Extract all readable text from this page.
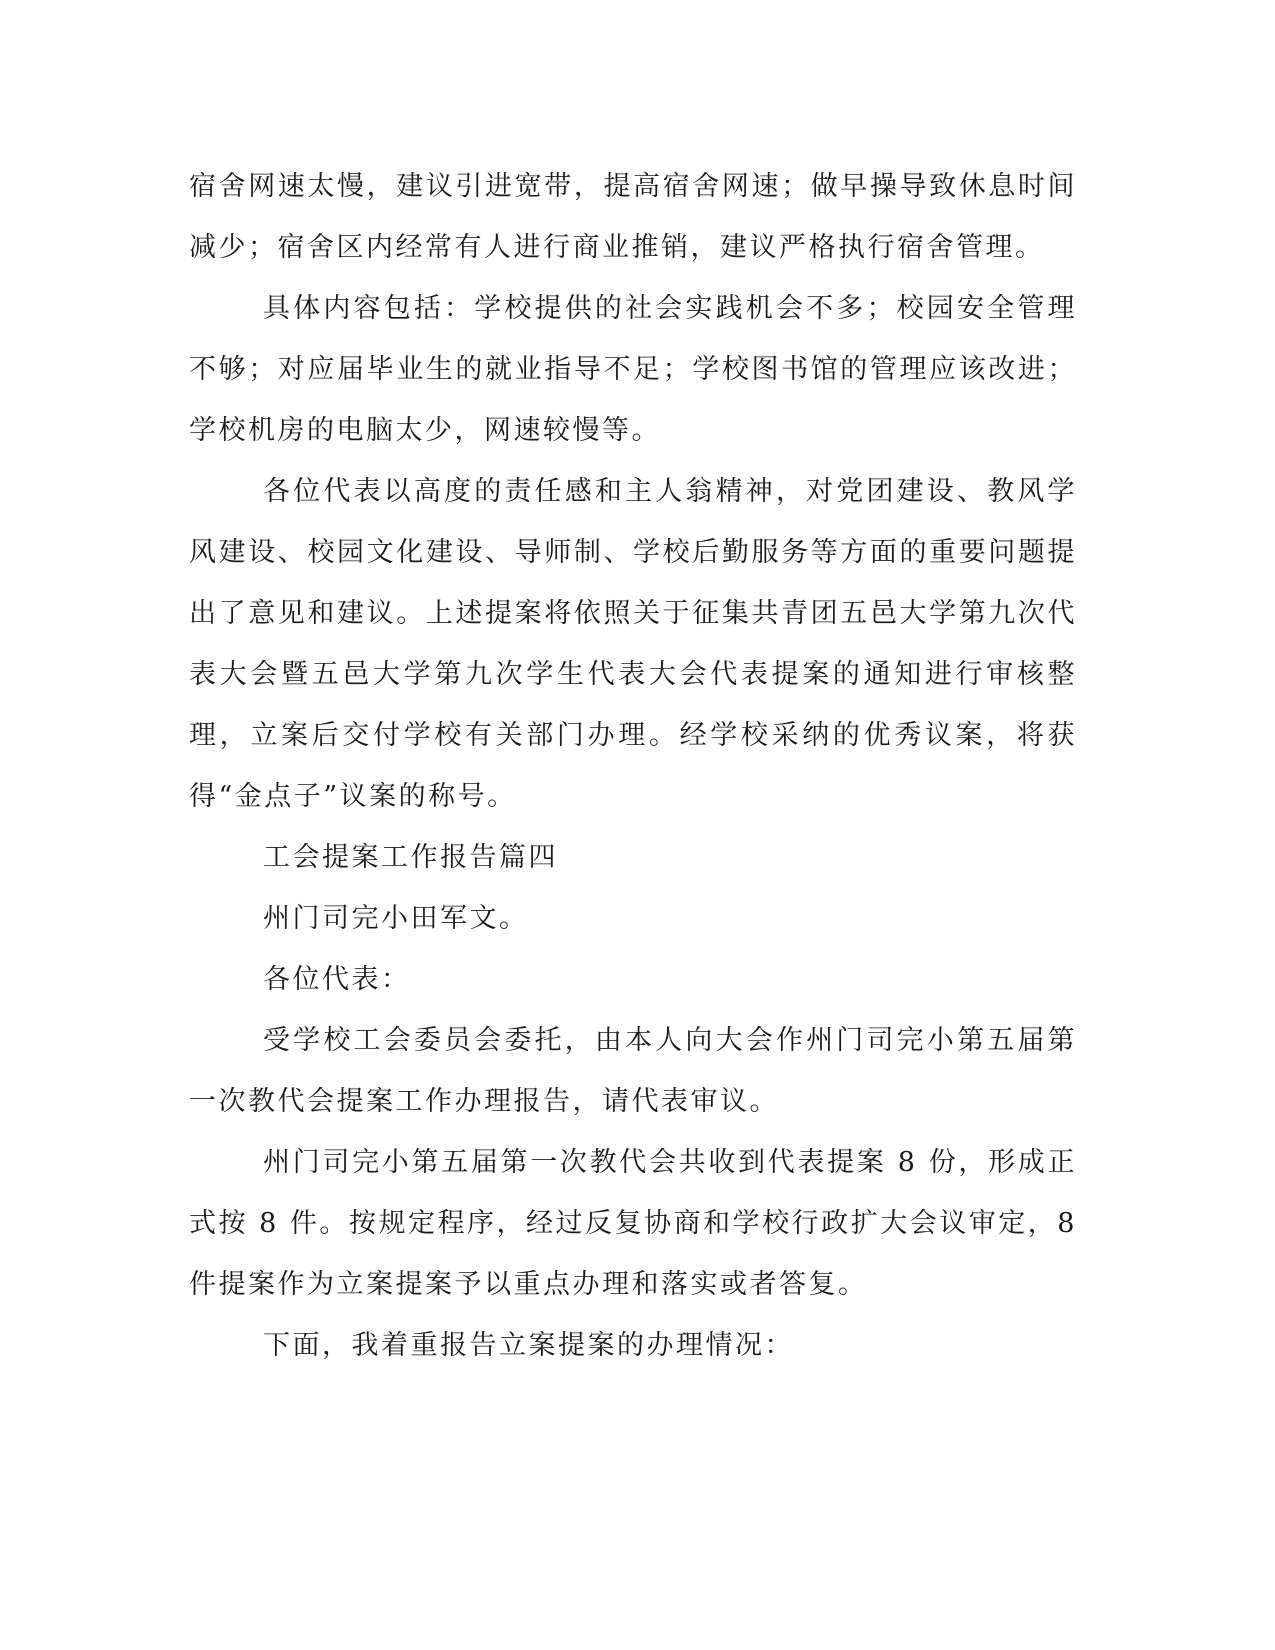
宿舍网速太慢，建议引进宽带，提高宿舍网速；做早操导致休息时间减少；宿舍区内经常有人进行商业推销，建议严格执行宿舍管理。

具体内容包括：学校提供的社会实践机会不多；校园安全管理不够；对应届毕业生的就业指导不足；学校图书馆的管理应该改进；学校机房的电脑太少，网速较慢等。

各位代表以高度的责任感和主人翁精神，对党团建设、教风学风建设、校园文化建设、导师制、学校后勤服务等方面的重要问题提出了意见和建议。上述提案将依照关于征集共青团五邑大学第九次代表大会暨五邑大学第九次学生代表大会代表提案的通知进行审核整理，立案后交付学校有关部门办理。经学校采纳的优秀议案，将获得“金点子”议案的称号。

工会提案工作报告篇四

州门司完小田军文。

各位代表：

受学校工会委员会委托，由本人向大会作州门司完小第五届第一次教代会提案工作办理报告，请代表审议。

州门司完小第五届第一次教代会共收到代表提案 8 份，形成正式按 8 件。按规定程序，经过反复协商和学校行政扩大会议审定，8 件提案作为立案提案予以重点办理和落实或者答复。

下面，我着重报告立案提案的办理情况：
